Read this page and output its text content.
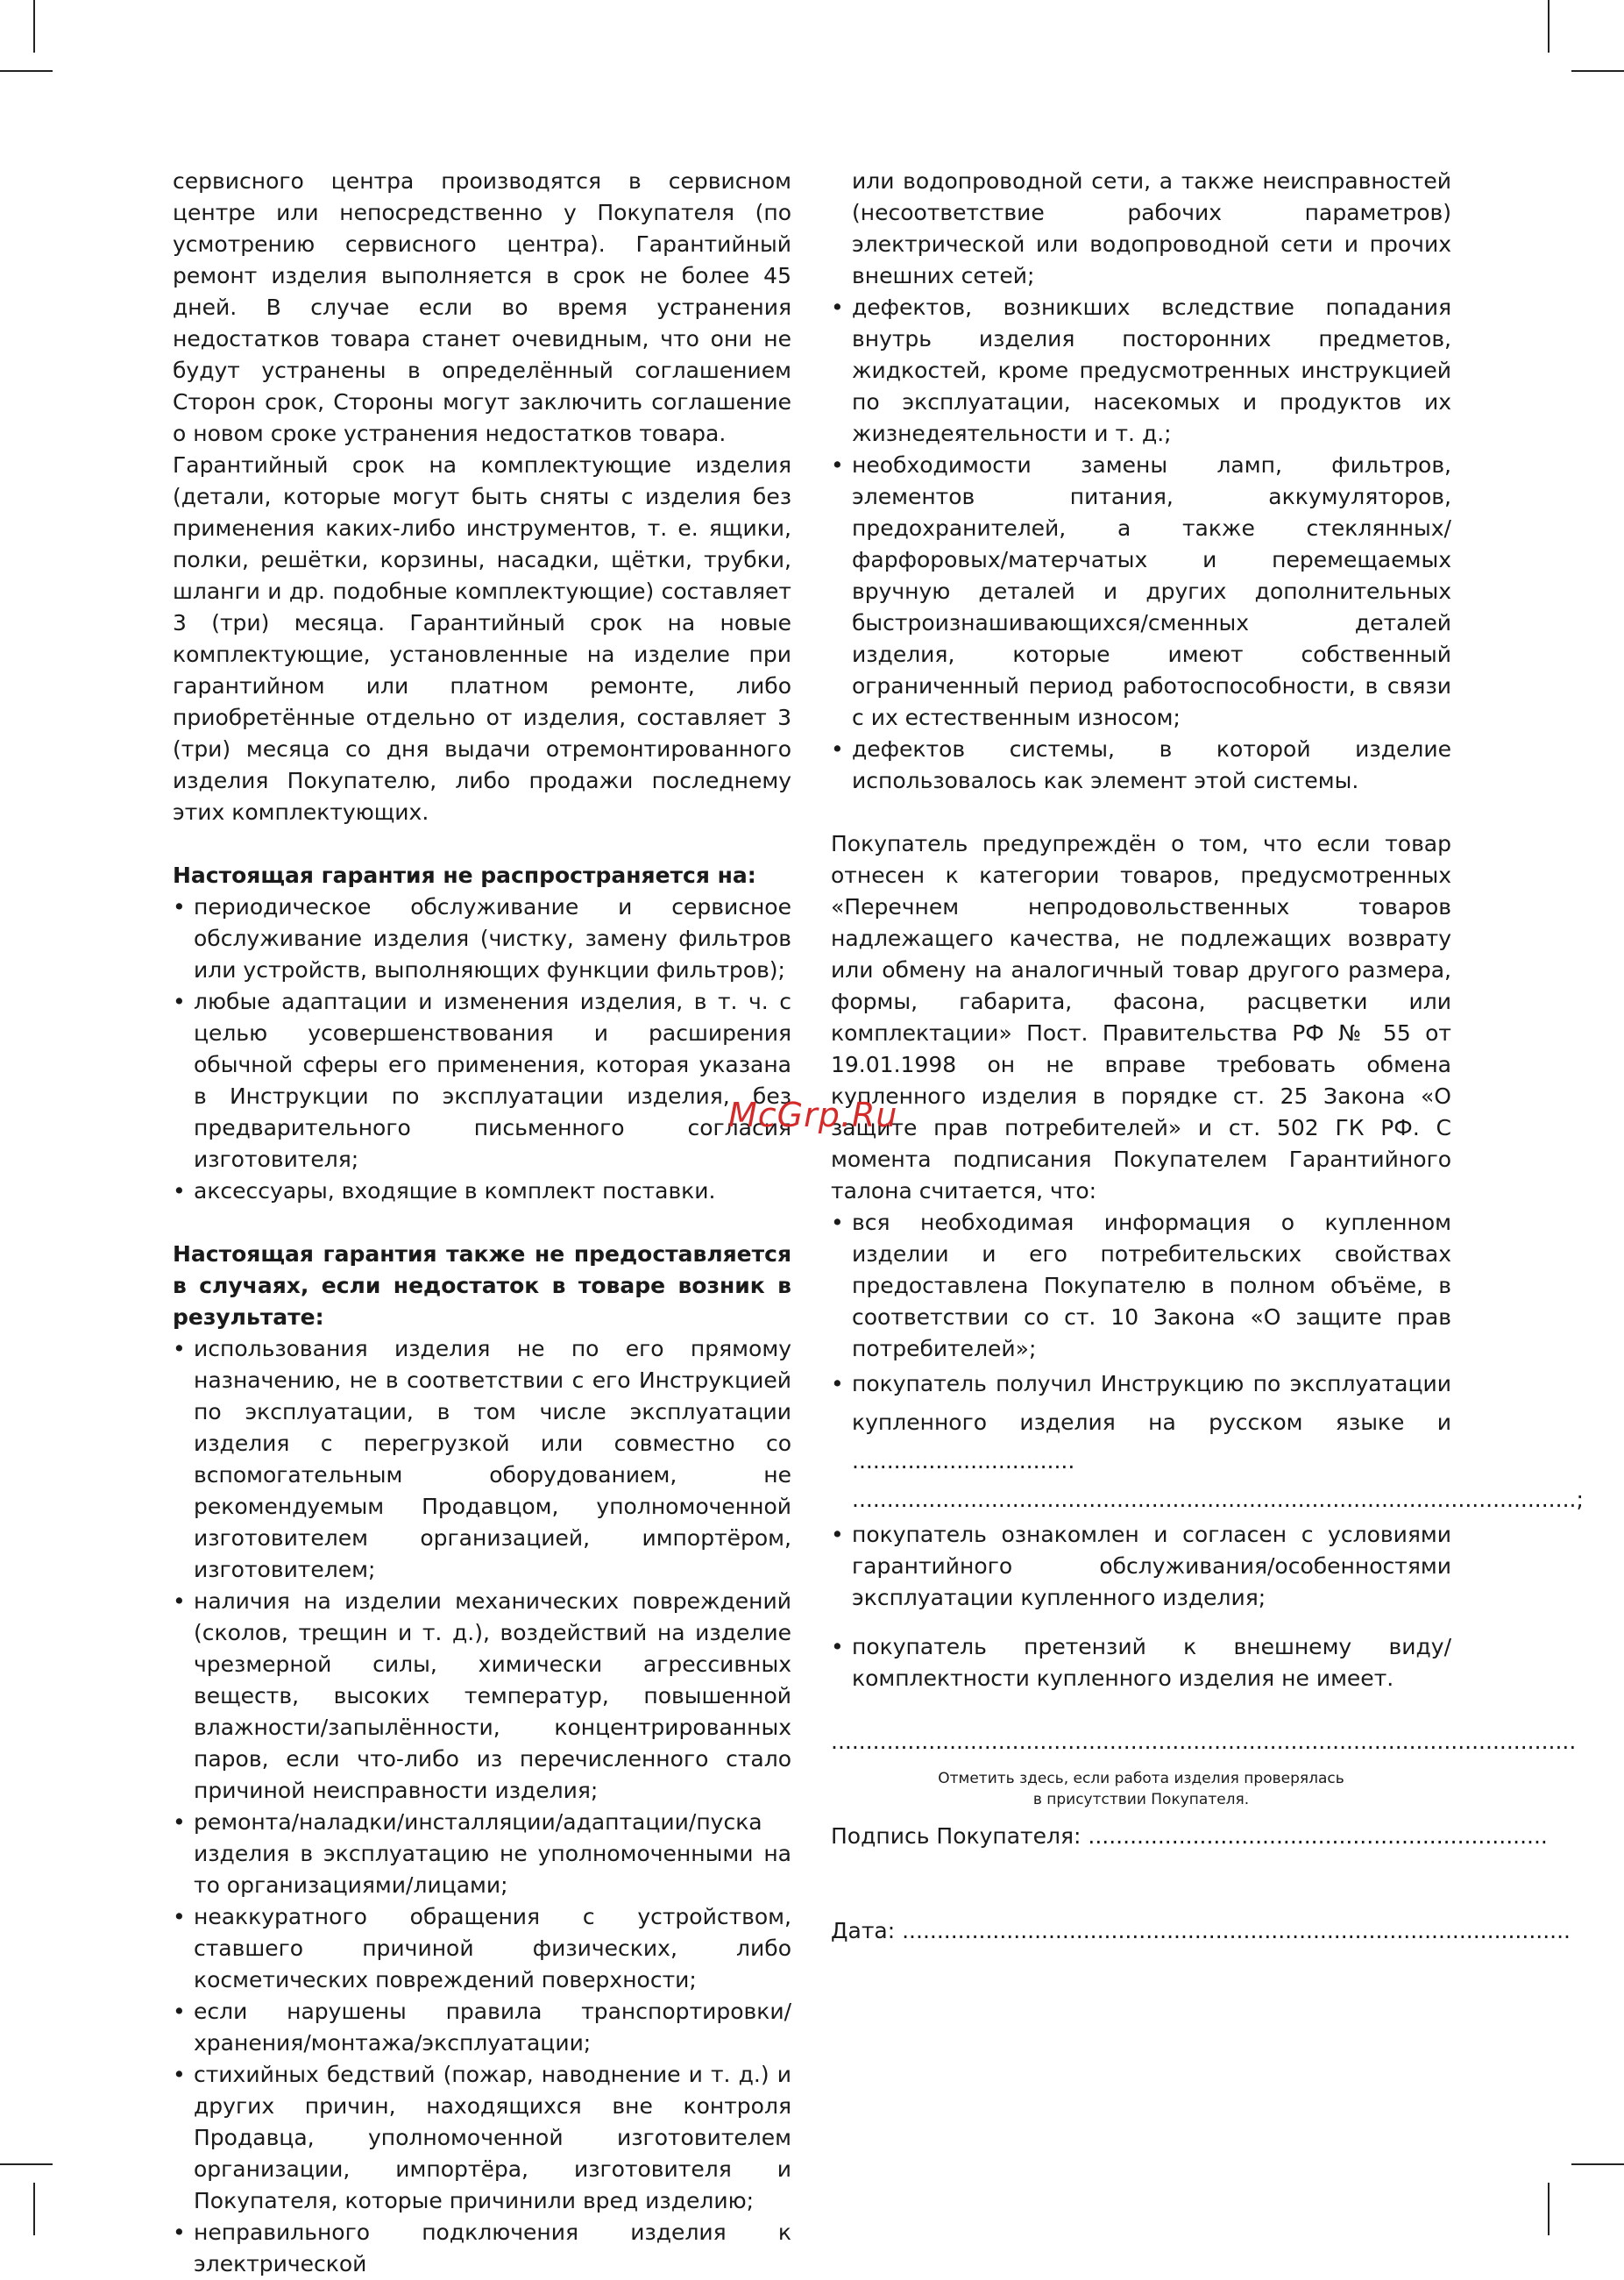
сервисного центра производятся в сервисном центре или непосредственно у Покупателя (по усмотрению сервисного центра). Гарантийный ремонт изделия выполняется в срок не более 45 дней. В случае если во время устранения недостатков товара станет очевидным, что они не будут устранены в определённый соглашением Сторон срок, Стороны могут заключить соглашение о новом сроке устранения недостатков товара.

Гарантийный срок на комплектующие изделия (детали, которые могут быть сняты с изделия без применения каких-либо инструментов, т. е. ящики, полки, решётки, корзины, насадки, щётки, трубки, шланги и др. подобные комплектующие) составляет 3 (три) месяца. Гарантийный срок на новые комплектующие, установленные на изделие при гарантийном или платном ремонте, либо приобретённые отдельно от изделия, составляет 3 (три) месяца со дня выдачи отремонтированного изделия Покупателю, либо продажи последнему этих комплектующих.

Настоящая гарантия не распространяется на:

• периодическое обслуживание и сервисное обслуживание изделия (чистку, замену фильтров или устройств, выполняющих функции фильтров);
• любые адаптации и изменения изделия, в т. ч. с целью усовершенствования и расширения обычной сферы его применения, которая указана в Инструкции по эксплуатации изделия, без предварительного письменного согласия изготовителя;
• аксессуары, входящие в комплект поставки.

Настоящая гарантия также не предоставляется в случаях, если недостаток в товаре возник в результате:

• использования изделия не по его прямому назначению, не в соответствии с его Инструкцией по эксплуатации, в том числе эксплуатации изделия с перегрузкой или совместно со вспомогательным оборудованием, не рекомендуемым Продавцом, уполномоченной изготовителем организацией, импортёром, изготовителем;
• наличия на изделии механических повреждений (сколов, трещин и т. д.), воздействий на изделие чрезмерной силы, химически агрессивных веществ, высоких температур, повышенной влажности/запылённости, концентрированных паров, если что-либо из перечисленного стало причиной неисправности изделия;
• ремонта/наладки/инсталляции/адаптации/пуска изделия в эксплуатацию не уполномоченными на то организациями/лицами;
• неаккуратного обращения с устройством, ставшего причиной физических, либо косметических повреждений поверхности;
• если нарушены правила транспортировки/хранения/монтажа/эксплуатации;
• стихийных бедствий (пожар, наводнение и т. д.) и других причин, находящихся вне контроля Продавца, уполномоченной изготовителем организации, импортёра, изготовителя и Покупателя, которые причинили вред изделию;
• неправильного подключения изделия к электрической

или водопроводной сети, а также неисправностей (несоответствие рабочих параметров) электрической или водопроводной сети и прочих внешних сетей;

• дефектов, возникших вследствие попадания внутрь изделия посторонних предметов, жидкостей, кроме предусмотренных инструкцией по эксплуатации, насекомых и продуктов их жизнедеятельности и т. д.;
• необходимости замены ламп, фильтров, элементов питания, аккумуляторов, предохранителей, а также стеклянных/фарфоровых/матерчатых и перемещаемых вручную деталей и других дополнительных быстроизнашивающихся/сменных деталей изделия, которые имеют собственный ограниченный период работоспособности, в связи с их естественным износом;
• дефектов системы, в которой изделие использовалось как элемент этой системы.

Покупатель предупреждён о том, что если товар отнесен к категории товаров, предусмотренных «Перечнем непродовольственных товаров надлежащего качества, не подлежащих возврату или обмену на аналогичный товар другого размера, формы, габарита, фасона, расцветки или комплектации» Пост. Правительства РФ № 55 от 19.01.1998 он не вправе требовать обмена купленного изделия в порядке ст. 25 Закона «О защите прав потребителей» и ст. 502 ГК РФ. С момента подписания Покупателем Гарантийного талона считается, что:

• вся необходимая информация о купленном изделии и его потребительских свойствах предоставлена Покупателю в полном объёме, в соответствии со ст. 10 Закона «О защите прав потребителей»;
• покупатель получил Инструкцию по эксплуатации купленного изделия на русском языке и ................................
........................................................................................................;
• покупатель ознакомлен и согласен с условиями гарантийного обслуживания/особенностями эксплуатации купленного изделия;
• покупатель претензий к внешнему виду/комплектности купленного изделия не имеет.
...........................................................................................................
Отметить здесь, если работа изделия проверялась
в присутствии Покупателя.
Подпись Покупателя: ..................................................................
Дата: ................................................................................................
McGrp.Ru
